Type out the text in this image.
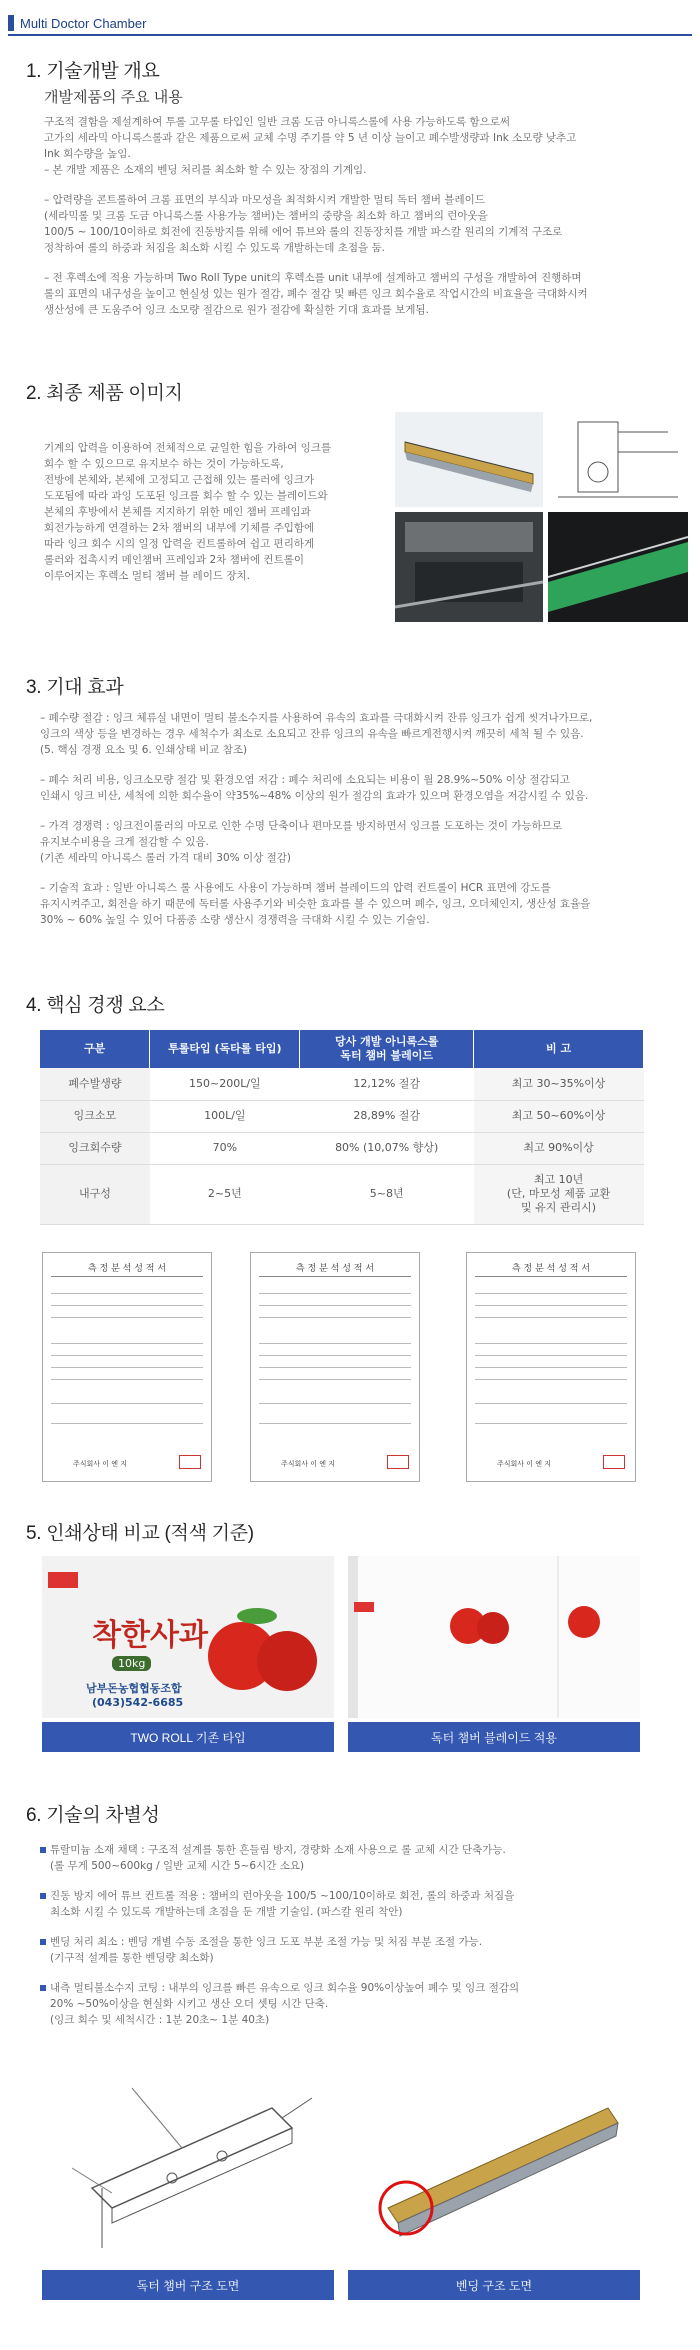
Multi Doctor Chamber
1. 기술개발 개요
개발제품의 주요 내용

구조적 결함을 제설계하여 투롤 고무롤 타입인 일반 크롬 도금 아니록스롤에 사용 가능하도록 함으로써

고가의 세라믹 아니록스롤과 같은 제품으로써 교체 수명 주기를 약 5 년 이상 늘이고 폐수발생량과 Ink 소모량 낮추고

Ink 회수량을 높임.

– 본 개발 제품은 소재의 벤딩 처리를 최소화 할 수 있는 장점의 기계임.

– 압력량을 콘트롤하여 크롬 표면의 부식과 마모성을 최적화시켜 개발한 멀티 독터 챔버 블레이드

(세라믹롤 및 크롬 도금 아니록스롤 사용가능 챔버)는 챔버의 중량을 최소화 하고 챔버의 런아웃을

100/5 ~ 100/10이하로 회전에 진동방지를 위해 에어 튜브와 롤의 진동장치를 개발 파스칼 원리의 기계적 구조로

정착하여 롤의 하중과 처짐을 최소화 시킬 수 있도록 개발하는데 초점을 둠.

– 전 후렉소에 적용 가능하며 Two Roll Type unit의 후렉소를 unit 내부에 설계하고 챔버의 구성을 개발하여 진행하며

롤의 표면의 내구성을 높이고 현실성 있는 원가 절감, 폐수 절감 및 빠른 잉크 회수율로 작업시간의 비효율을 극대화시켜

생산성에 큰 도움주어 잉크 소모량 절감으로 원가 절감에 확실한 기대 효과를 보게됨.

2. 최종 제품 이미지

기계의 압력을 이용하여 전체적으로 균일한 힘을 가하여 잉크를

회수 할 수 있으므로 유지보수 하는 것이 가능하도록,

전방에 본체와, 본체에 고정되고 근접해 있는 롤러에 잉크가

도포됨에 따라 과잉 도포된 잉크를 회수 할 수 있는 블레이드와

본체의 후방에서 본체를 지지하기 위한 메인 챔버 프레임과

회전가능하게 연결하는 2차 챔버의 내부에 기체를 주입함에

따라 잉크 회수 시의 일정 압력을 컨트롤하여 쉽고 편리하게

롤러와 접촉시켜 메인챔버 프레임과 2차 챔버에 컨트롤이

이루어지는 후렉소 멀티 챔버 블 레이드 장치.

3. 기대 효과

– 폐수량 절감 : 잉크 체류실 내면이 멀티 불소수지를 사용하여 유속의 효과를 극대화시켜 잔류 잉크가 쉽게 씻겨나가므로,

잉크의 색상 등을 변경하는 경우 세척수가 최소로 소요되고 잔류 잉크의 유속을 빠르게전행시켜 깨끗히 세척 될 수 있음.

(5. 핵심 경쟁 요소 및 6. 인쇄상태 비교 참조)

– 폐수 처리 비용, 잉크소모량 절감 및 환경오염 저감 : 폐수 처리에 소요되는 비용이 월 28.9%~50% 이상 절감되고

인쇄시 잉크 비산, 세척에 의한 회수율이 약35%~48% 이상의 원가 절감의 효과가 있으며 환경오염을 저감시킬 수 있음.

– 가격 경쟁력 : 잉크전이롤러의 마모로 인한 수명 단축이나 편마모를 방지하면서 잉크를 도포하는 것이 가능하므로

유지보수비용을 크게 절감할 수 있음.

(기존 세라믹 아니록스 롤러 가격 대비 30% 이상 절감)

– 기술적 효과 : 일반 아니록스 롤 사용에도 사용이 가능하며 챔버 블레이드의 압력 컨트롤이 HCR 표면에 강도를

유지시켜주고, 회전을 하기 때문에 독터롤 사용주기와 비슷한 효과를 볼 수 있으며 폐수, 잉크, 오더체인지, 생산성 효율을

30% ~ 60% 높일 수 있어 다품종 소량 생산시 경쟁력을 극대화 시킬 수 있는 기술임.

4. 핵심 경쟁 요소
구분	투롤타입 (독타롤 타입)	당사 개발 아니록스롤
독터 챔버 블레이드	비 고
폐수발생량	150~200L/일	12,12% 절감	최고 30~35%이상
잉크소모	100L/일	28,89% 절감	최고 50~60%이상
잉크회수량	70%	80% (10,07% 향상)	최고 90%이상
내구성	2~5년	5~8년	최고 10년
(단, 마모성 제품 교환
및 유지 관리시)
측 정 분 석 성 적 서
주식회사 이 엔 지
측 정 분 석 성 적 서
주식회사 이 엔 지
측 정 분 석 성 적 서
주식회사 이 엔 지
5. 인쇄상태 비교 (적색 기준)
착한사과
10kg
남부돈농협협동조합
(043)542-6685
TWO ROLL 기존 타입	독터 챔버 블레이드 적용
6. 기술의 차별성

튜랄미늄 소재 채택 : 구조적 설계를 통한 흔들림 방지, 경량화 소재 사용으로 롤 교체 시간 단축가능.

(롤 무게 500~600kg / 일반 교체 시간 5~6시간 소요)

진동 방지 에어 튜브 컨트롤 적용 : 챔버의 런아웃을 100/5 ~100/10이하로 회전, 롤의 하중과 처짐을

최소화 시킬 수 있도록 개발하는데 초점을 둔 개발 기술임. (파스칼 원리 착안)

벤딩 처리 최소 : 벤딩 개별 수동 조절을 통한 잉크 도포 부분 조절 가능 및 처짐 부분 조절 가능.

(기구적 설계를 통한 벤딩량 최소화)

내측 멀티불소수지 코팅 : 내부의 잉크를 빠른 유속으로 잉크 회수율 90%이상높여 폐수 및 잉크 절감의

20% ~50%이상을 현실화 시키고 생산 오더 셋팅 시간 단축.

(잉크 회수 및 세척시간 : 1분 20초~ 1분 40초)

독터 챔버 구조 도면	벤딩 구조 도면
